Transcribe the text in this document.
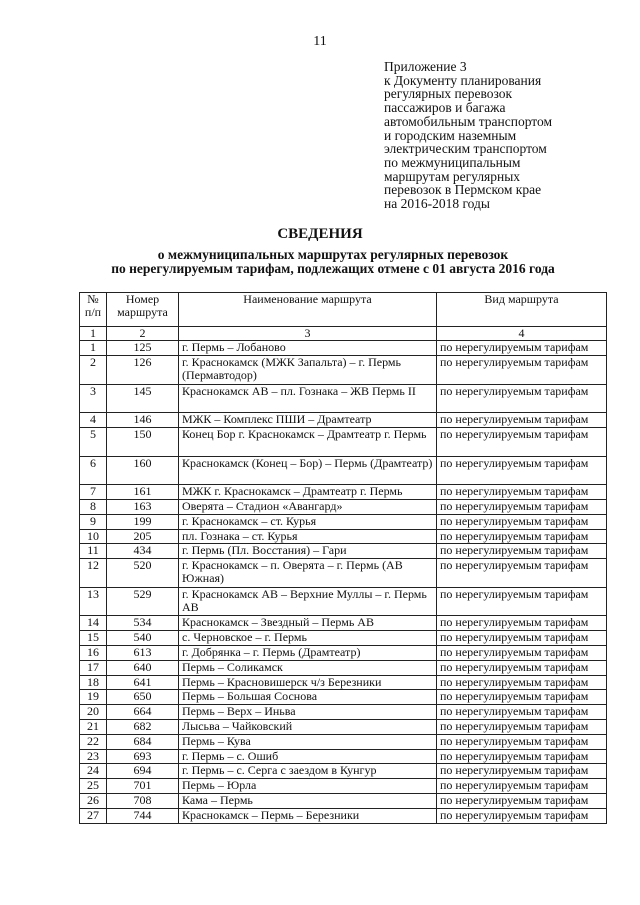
11
Приложение 3
к Документу планирования
регулярных перевозок
пассажиров и багажа
автомобильным транспортом
и городским наземным
электрическим транспортом
по межмуниципальным
маршрутам регулярных
перевозок в Пермском крае
на 2016-2018 годы
СВЕДЕНИЯ
о межмуниципальных маршрутах регулярных перевозок
по нерегулируемым тарифам, подлежащих отмене с 01 августа 2016 года
№ п/п	Номер маршрута	Наименование маршрута	Вид маршрута
1	2	3	4
1	125	г. Пермь – Лобаново	по нерегулируемым тарифам
2	126	г. Краснокамск (МЖК Запальта) – г. Пермь (Пермавтодор)	по нерегулируемым тарифам
3	145	Краснокамск АВ – пл. Гознака – ЖВ Пермь II	по нерегулируемым тарифам
4	146	МЖК – Комплекс ПШИ – Драмтеатр	по нерегулируемым тарифам
5	150	Конец Бор г. Краснокамск – Драмтеатр г. Пермь	по нерегулируемым тарифам
6	160	Краснокамск (Конец – Бор) – Пермь (Драмтеатр)	по нерегулируемым тарифам
7	161	МЖК г. Краснокамск – Драмтеатр г. Пермь	по нерегулируемым тарифам
8	163	Оверята – Стадион «Авангард»	по нерегулируемым тарифам
9	199	г. Краснокамск – ст. Курья	по нерегулируемым тарифам
10	205	пл. Гознака – ст. Курья	по нерегулируемым тарифам
11	434	г. Пермь (Пл. Восстания) – Гари	по нерегулируемым тарифам
12	520	г. Краснокамск – п. Оверята – г. Пермь (АВ Южная)	по нерегулируемым тарифам
13	529	г. Краснокамск АВ – Верхние Муллы – г. Пермь АВ	по нерегулируемым тарифам
14	534	Краснокамск – Звездный – Пермь АВ	по нерегулируемым тарифам
15	540	с. Черновское – г. Пермь	по нерегулируемым тарифам
16	613	г. Добрянка – г. Пермь (Драмтеатр)	по нерегулируемым тарифам
17	640	Пермь – Соликамск	по нерегулируемым тарифам
18	641	Пермь – Красновишерск ч/з Березники	по нерегулируемым тарифам
19	650	Пермь – Большая Соснова	по нерегулируемым тарифам
20	664	Пермь – Верх – Иньва	по нерегулируемым тарифам
21	682	Лысьва – Чайковский	по нерегулируемым тарифам
22	684	Пермь – Кува	по нерегулируемым тарифам
23	693	г. Пермь – с. Ошиб	по нерегулируемым тарифам
24	694	г. Пермь – с. Серга с заездом в Кунгур	по нерегулируемым тарифам
25	701	Пермь – Юрла	по нерегулируемым тарифам
26	708	Кама – Пермь	по нерегулируемым тарифам
27	744	Краснокамск – Пермь – Березники	по нерегулируемым тарифам
